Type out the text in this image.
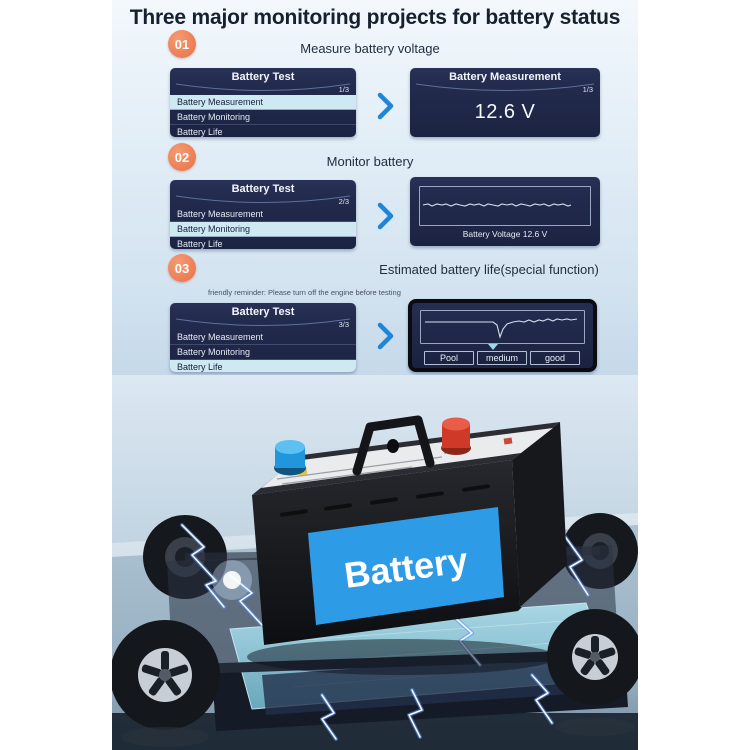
Three major monitoring projects for battery status
01	Measure battery voltage
Battery Test
1/3
Battery Measurement
Battery Monitoring
Battery Life
Battery Measurement
1/3
12.6 V
02	Monitor battery
Battery Test
2/3
Battery Measurement
Battery Monitoring
Battery Life
Battery Voltage 12.6 V
03	Estimated battery life(special function)
friendly reminder: Please turn off the engine before testing
Battery Test
3/3
Battery Measurement
Battery Monitoring
Battery Life
Pool	medium	good
Battery
